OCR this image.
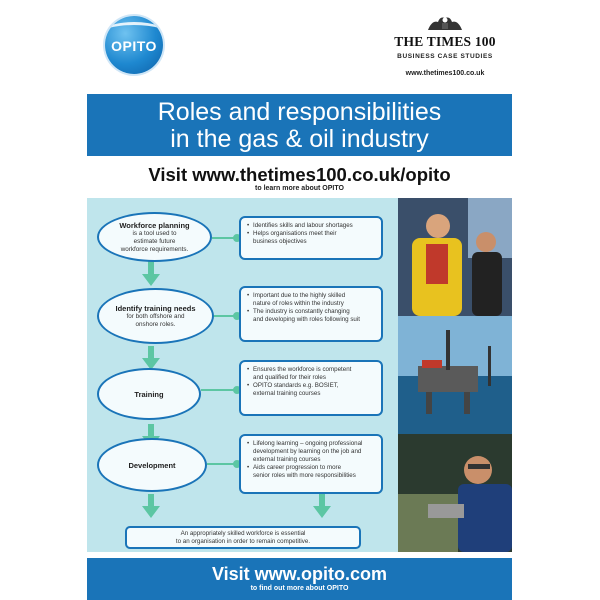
OPITO	THE TIMES 100
BUSINESS CASE STUDIES
www.thetimes100.co.uk
Roles and responsibilities
in the gas & oil industry
Visit www.thetimes100.co.uk/opito
to learn more about OPITO
Workforce planning
is a tool used to
estimate future
workforce requirements.
• Identifies skills and labour shortages
• Helps organisations meet their
business objectives
Identify training needs
for both offshore and
onshore roles.
• Important due to the highly skilled
nature of roles within the industry
• The industry is constantly changing
and developing with roles following suit
Training
• Ensures the workforce is competent
and qualified for their roles
• OPITO standards e.g. BOSIET,
external training courses
Development
• Lifelong learning – ongoing professional
development by learning on the job and
external training courses
• Aids career progression to more
senior roles with more responsibilities
An appropriately skilled workforce is essential
to an organisation in order to remain competitive.
Visit www.opito.com
to find out more about OPITO
